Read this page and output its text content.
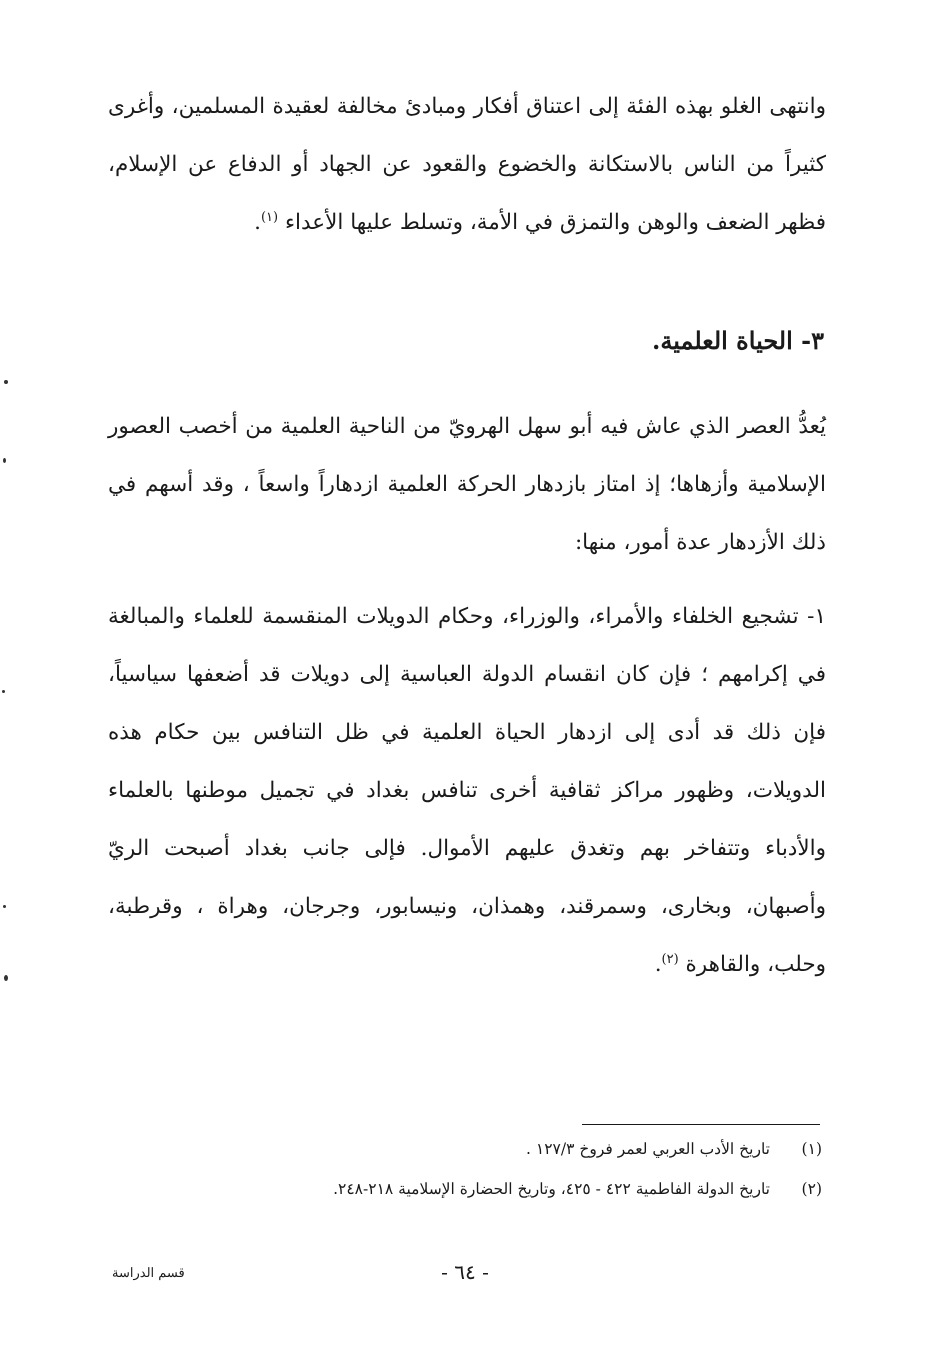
وانتهى الغلو بهذه الفئة إلى اعتناق أفكار ومبادئ مخالفة لعقيدة المسلمين، وأغرى كثيراً من الناس بالاستكانة والخضوع والقعود عن الجهاد أو الدفاع عن الإسلام، فظهر الضعف والوهن والتمزق في الأمة، وتسلط عليها الأعداء $^{(١)}$.

٣- الحياة العلمية.

يُعدُّ العصر الذي عاش فيه أبو سهل الهرويّ من الناحية العلمية من أخصب العصور الإسلامية وأزهاها؛ إذ امتاز بازدهار الحركة العلمية ازدهاراً واسعاً ، وقد أسهم في ذلك الأزدهار عدة أمور، منها:

١- تشجيع الخلفاء والأمراء، والوزراء، وحكام الدويلات المنقسمة للعلماء والمبالغة في إكرامهم ؛ فإن كان انقسام الدولة العباسية إلى دويلات قد أضعفها سياسياً، فإن ذلك قد أدى إلى ازدهار الحياة العلمية في ظل التنافس بين حكام هذه الدويلات، وظهور مراكز ثقافية أخرى تنافس بغداد في تجميل موطنها بالعلماء والأدباء وتتفاخر بهم وتغدق عليهم الأموال. فإلى جانب بغداد أصبحت الريّ وأصبهان، وبخارى، وسمرقند، وهمذان، ونيسابور، وجرجان، وهراة ، وقرطبة، وحلب، والقاهرة $^{(٢)}$.

(١)تاريخ الأدب العربي لعمر فروخ ١٢٧/٣ .

(٢)تاريخ الدولة الفاطمية ٤٢٢ - ٤٢٥، وتاريخ الحضارة الإسلامية ٢١٨-٢٤٨.

- ٦٤ -

قسم الدراسة
